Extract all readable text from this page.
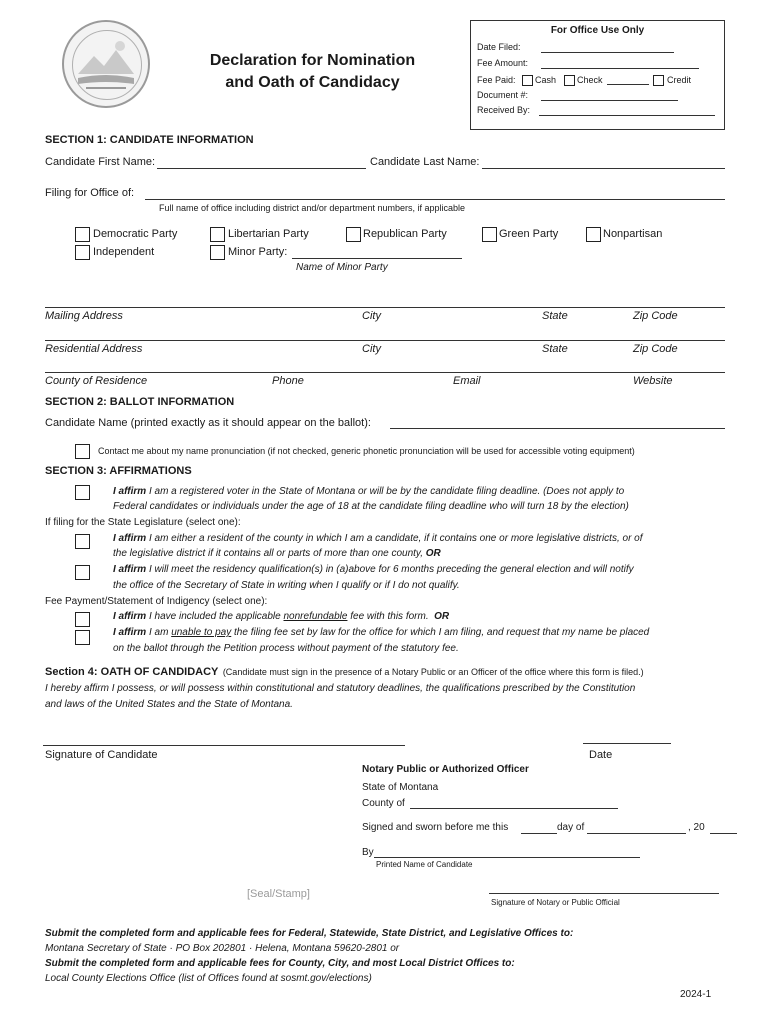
Declaration for Nomination
and Oath of Candidacy
For Office Use Only
Date Filed:
Fee Amount:
Fee Paid: Cash Check	Credit
Document #:
Received By:
SECTION 1: CANDIDATE INFORMATION
Candidate First Name:	Candidate Last Name:
Filing for Office of:
Full name of office including district and/or department numbers, if applicable
Democratic Party	Libertarian Party	Republican Party	Green Party	Nonpartisan
Independent	Minor Party:
Name of Minor Party
Mailing Address	City	State	Zip Code
Residential Address	City	State	Zip Code
County of Residence	Phone	Email	Website
SECTION 2: BALLOT INFORMATION
Candidate Name (printed exactly as it should appear on the ballot):
Contact me about my name pronunciation (if not checked, generic phonetic pronunciation will be used for accessible voting equipment)
SECTION 3: AFFIRMATIONS
I affirm I am a registered voter in the State of Montana or will be by the candidate filing deadline. (Does not apply to
Federal candidates or individuals under the age of 18 at the candidate filing deadline who will turn 18 by the election)
If filing for the State Legislature (select one):
I affirm I am either a resident of the county in which I am a candidate, if it contains one or more legislative districts, or of
the legislative district if it contains all or parts of more than one county, OR
I affirm I will meet the residency qualification(s) in (a)above for 6 months preceding the general election and will notify
the office of the Secretary of State in writing when I qualify or if I do not qualify.
Fee Payment/Statement of Indigency (select one):
I affirm I have included the applicable nonrefundable fee with this form. OR
I affirm I am unable to pay the filing fee set by law for the office for which I am filing, and request that my name be placed
on the ballot through the Petition process without payment of the statutory fee.
Section 4: OATH OF CANDIDACY (Candidate must sign in the presence of a Notary Public or an Officer of the office where this form is filed.)
I hereby affirm I possess, or will possess within constitutional and statutory deadlines, the qualifications prescribed by the Constitution
and laws of the United States and the State of Montana.
Signature of Candidate	Date
Notary Public or Authorized Officer
State of Montana
County of
Signed and sworn before me this	day of	, 20
By
Printed Name of Candidate
[Seal/Stamp]
Signature of Notary or Public Official
Submit the completed form and applicable fees for Federal, Statewide, State District, and Legislative Offices to:
Montana Secretary of State · PO Box 202801 · Helena, Montana 59620-2801 or
Submit the completed form and applicable fees for County, City, and most Local District Offices to:
Local County Elections Office (list of Offices found at sosmt.gov/elections)
2024-1
